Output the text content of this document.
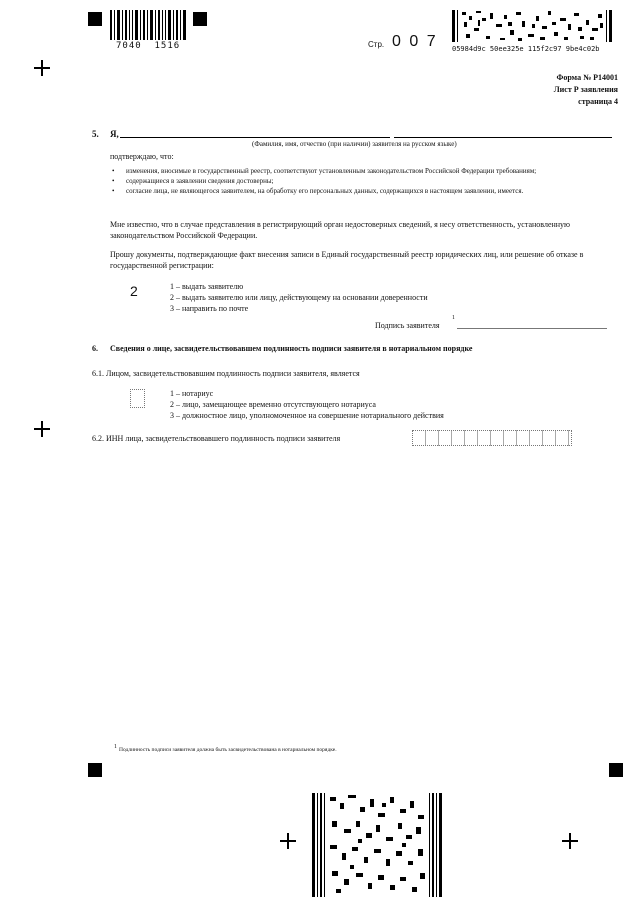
7040  1516	Стр. 0 0 7 05984d9c 50ee325e 115f2c97 9be4c02b
Форма № Р14001
Лист Р заявления
страница 4
5. Я,
(Фамилия, имя, отчество (при наличии) заявителя на русском языке)
подтверждаю, что:
• изменения, вносимые в государственный реестр, соответствуют установленным законодательством Российской Федерации требованиям;
• содержащиеся в заявлении сведения достоверны;
• согласие лица, не являющегося заявителем, на обработку его персональных данных, содержащихся в настоящем заявлении, имеется.
Мне известно, что в случае представления в регистрирующий орган недостоверных сведений, я несу ответственность, установленную законодательством Российской Федерации.
Прошу документы, подтверждающие факт внесения записи в Единый государственный реестр юридических лиц, или решение об отказе в государственной регистрации:
2	1 – выдать заявителю
2 – выдать заявителю или лицу, действующему на основании доверенности
3 – направить по почте
Подпись заявителя
1
6. Сведения о лице, засвидетельствовавшем подлинность подписи заявителя в нотариальном порядке
6.1. Лицом, засвидетельствовавшим подлинность подписи заявителя, является
1 – нотариус
2 – лицо, замещающее временно отсутствующего нотариуса
3 – должностное лицо, уполномоченное на совершение нотариального действия
6.2. ИНН лица, засвидетельствовавшего подлинность подписи заявителя
1 Подлинность подписи заявителя должна быть засвидетельствована в нотариальном порядке.
